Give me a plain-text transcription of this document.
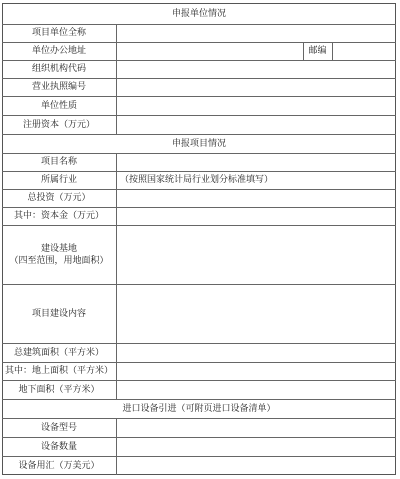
申报单位情况
申报项目情况
进口设备引进（可附页进口设备清单）
项目单位全称
单位办公地址	邮编
组织机构代码
营业执照编号
单位性质
注册资本（万元）
项目名称
所属行业	（按照国家统计局行业划分标准填写）
总投资（万元）
其中：资本金（万元）
建设基地
（四至范围，用地面积）
项目建设内容
总建筑面积（平方米）
其中：地上面积（平方米）
地下面积（平方米）
设备型号
设备数量
设备用汇（万美元）
